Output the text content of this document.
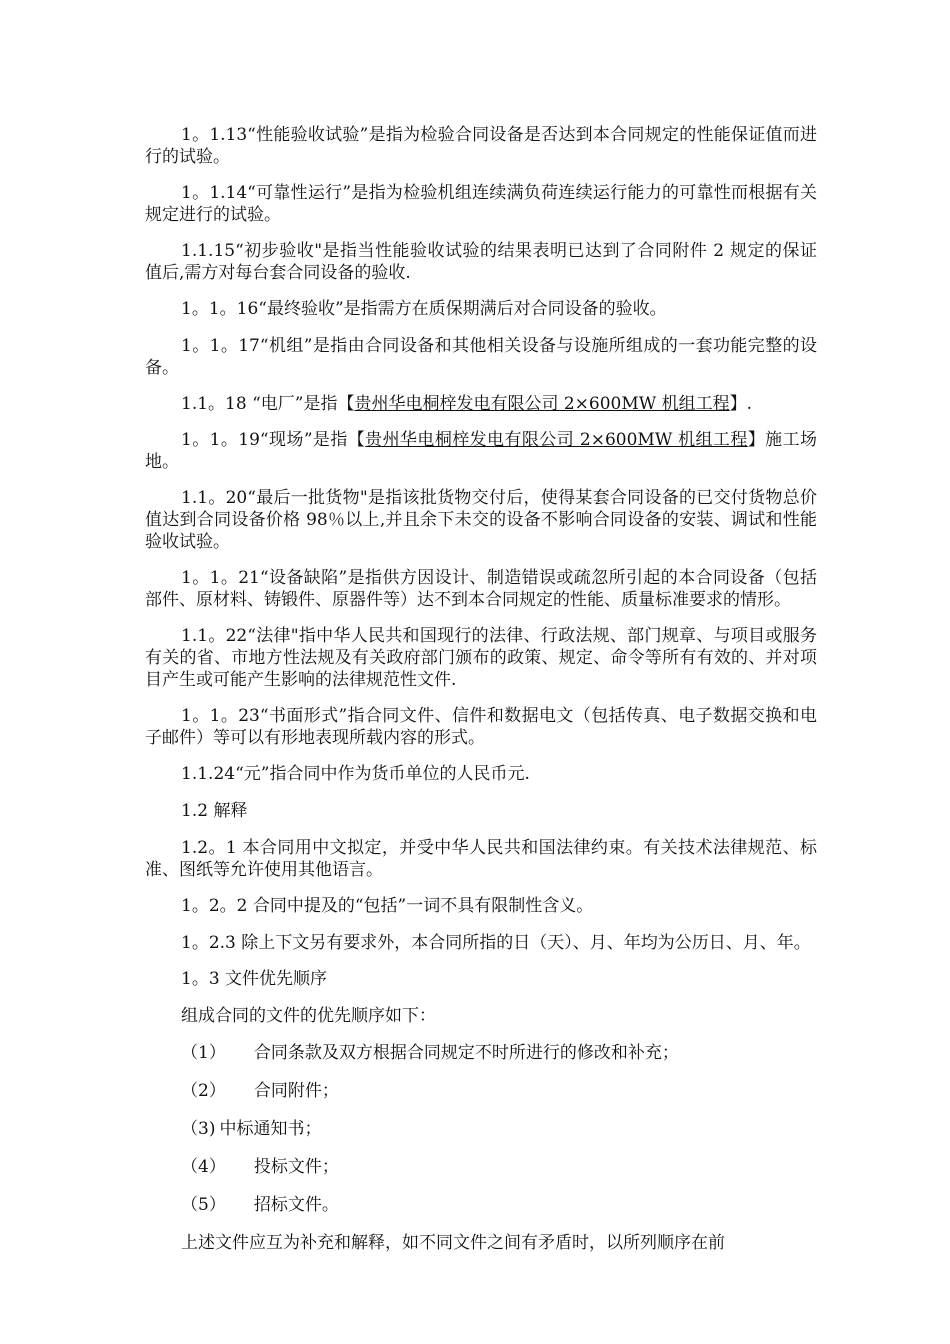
1。1.13“性能验收试验”是指为检验合同设备是否达到本合同规定的性能保证值而进行的试验。

1。1.14“可靠性运行”是指为检验机组连续满负荷连续运行能力的可靠性而根据有关规定进行的试验。

1.1.15“初步验收"是指当性能验收试验的结果表明已达到了合同附件 2 规定的保证值后,需方对每台套合同设备的验收.

1。1。16“最终验收”是指需方在质保期满后对合同设备的验收。

1。1。17“机组”是指由合同设备和其他相关设备与设施所组成的一套功能完整的设备。

1.1。18 “电厂”是指【贵州华电桐梓发电有限公司 2×600MW 机组工程】.

1。1。19“现场”是指【贵州华电桐梓发电有限公司 2×600MW 机组工程】施工场地。

1.1。20“最后一批货物"是指该批货物交付后，使得某套合同设备的已交付货物总价值达到合同设备价格 98％以上,并且余下未交的设备不影响合同设备的安装、调试和性能验收试验。

1。1。21“设备缺陷”是指供方因设计、制造错误或疏忽所引起的本合同设备（包括部件、原材料、铸锻件、原器件等）达不到本合同规定的性能、质量标准要求的情形。

1.1。22“法律"指中华人民共和国现行的法律、行政法规、部门规章、与项目或服务有关的省、市地方性法规及有关政府部门颁布的政策、规定、命令等所有有效的、并对项目产生或可能产生影响的法律规范性文件.

1。1。23“书面形式”指合同文件、信件和数据电文（包括传真、电子数据交换和电子邮件）等可以有形地表现所载内容的形式。

1.1.24“元”指合同中作为货币单位的人民币元.

1.2 解释

1.2。1 本合同用中文拟定，并受中华人民共和国法律约束。有关技术法律规范、标准、图纸等允许使用其他语言。

1。2。2 合同中提及的“包括”一词不具有限制性含义。

1。2.3 除上下文另有要求外，本合同所指的日（天）、月、年均为公历日、月、年。

1。3 文件优先顺序

组成合同的文件的优先顺序如下：

（1） 合同条款及双方根据合同规定不时所进行的修改和补充；
（2） 合同附件；
（3) 中标通知书；
（4） 投标文件；
（5） 招标文件。

上述文件应互为补充和解释，如不同文件之间有矛盾时，以所列顺序在前
